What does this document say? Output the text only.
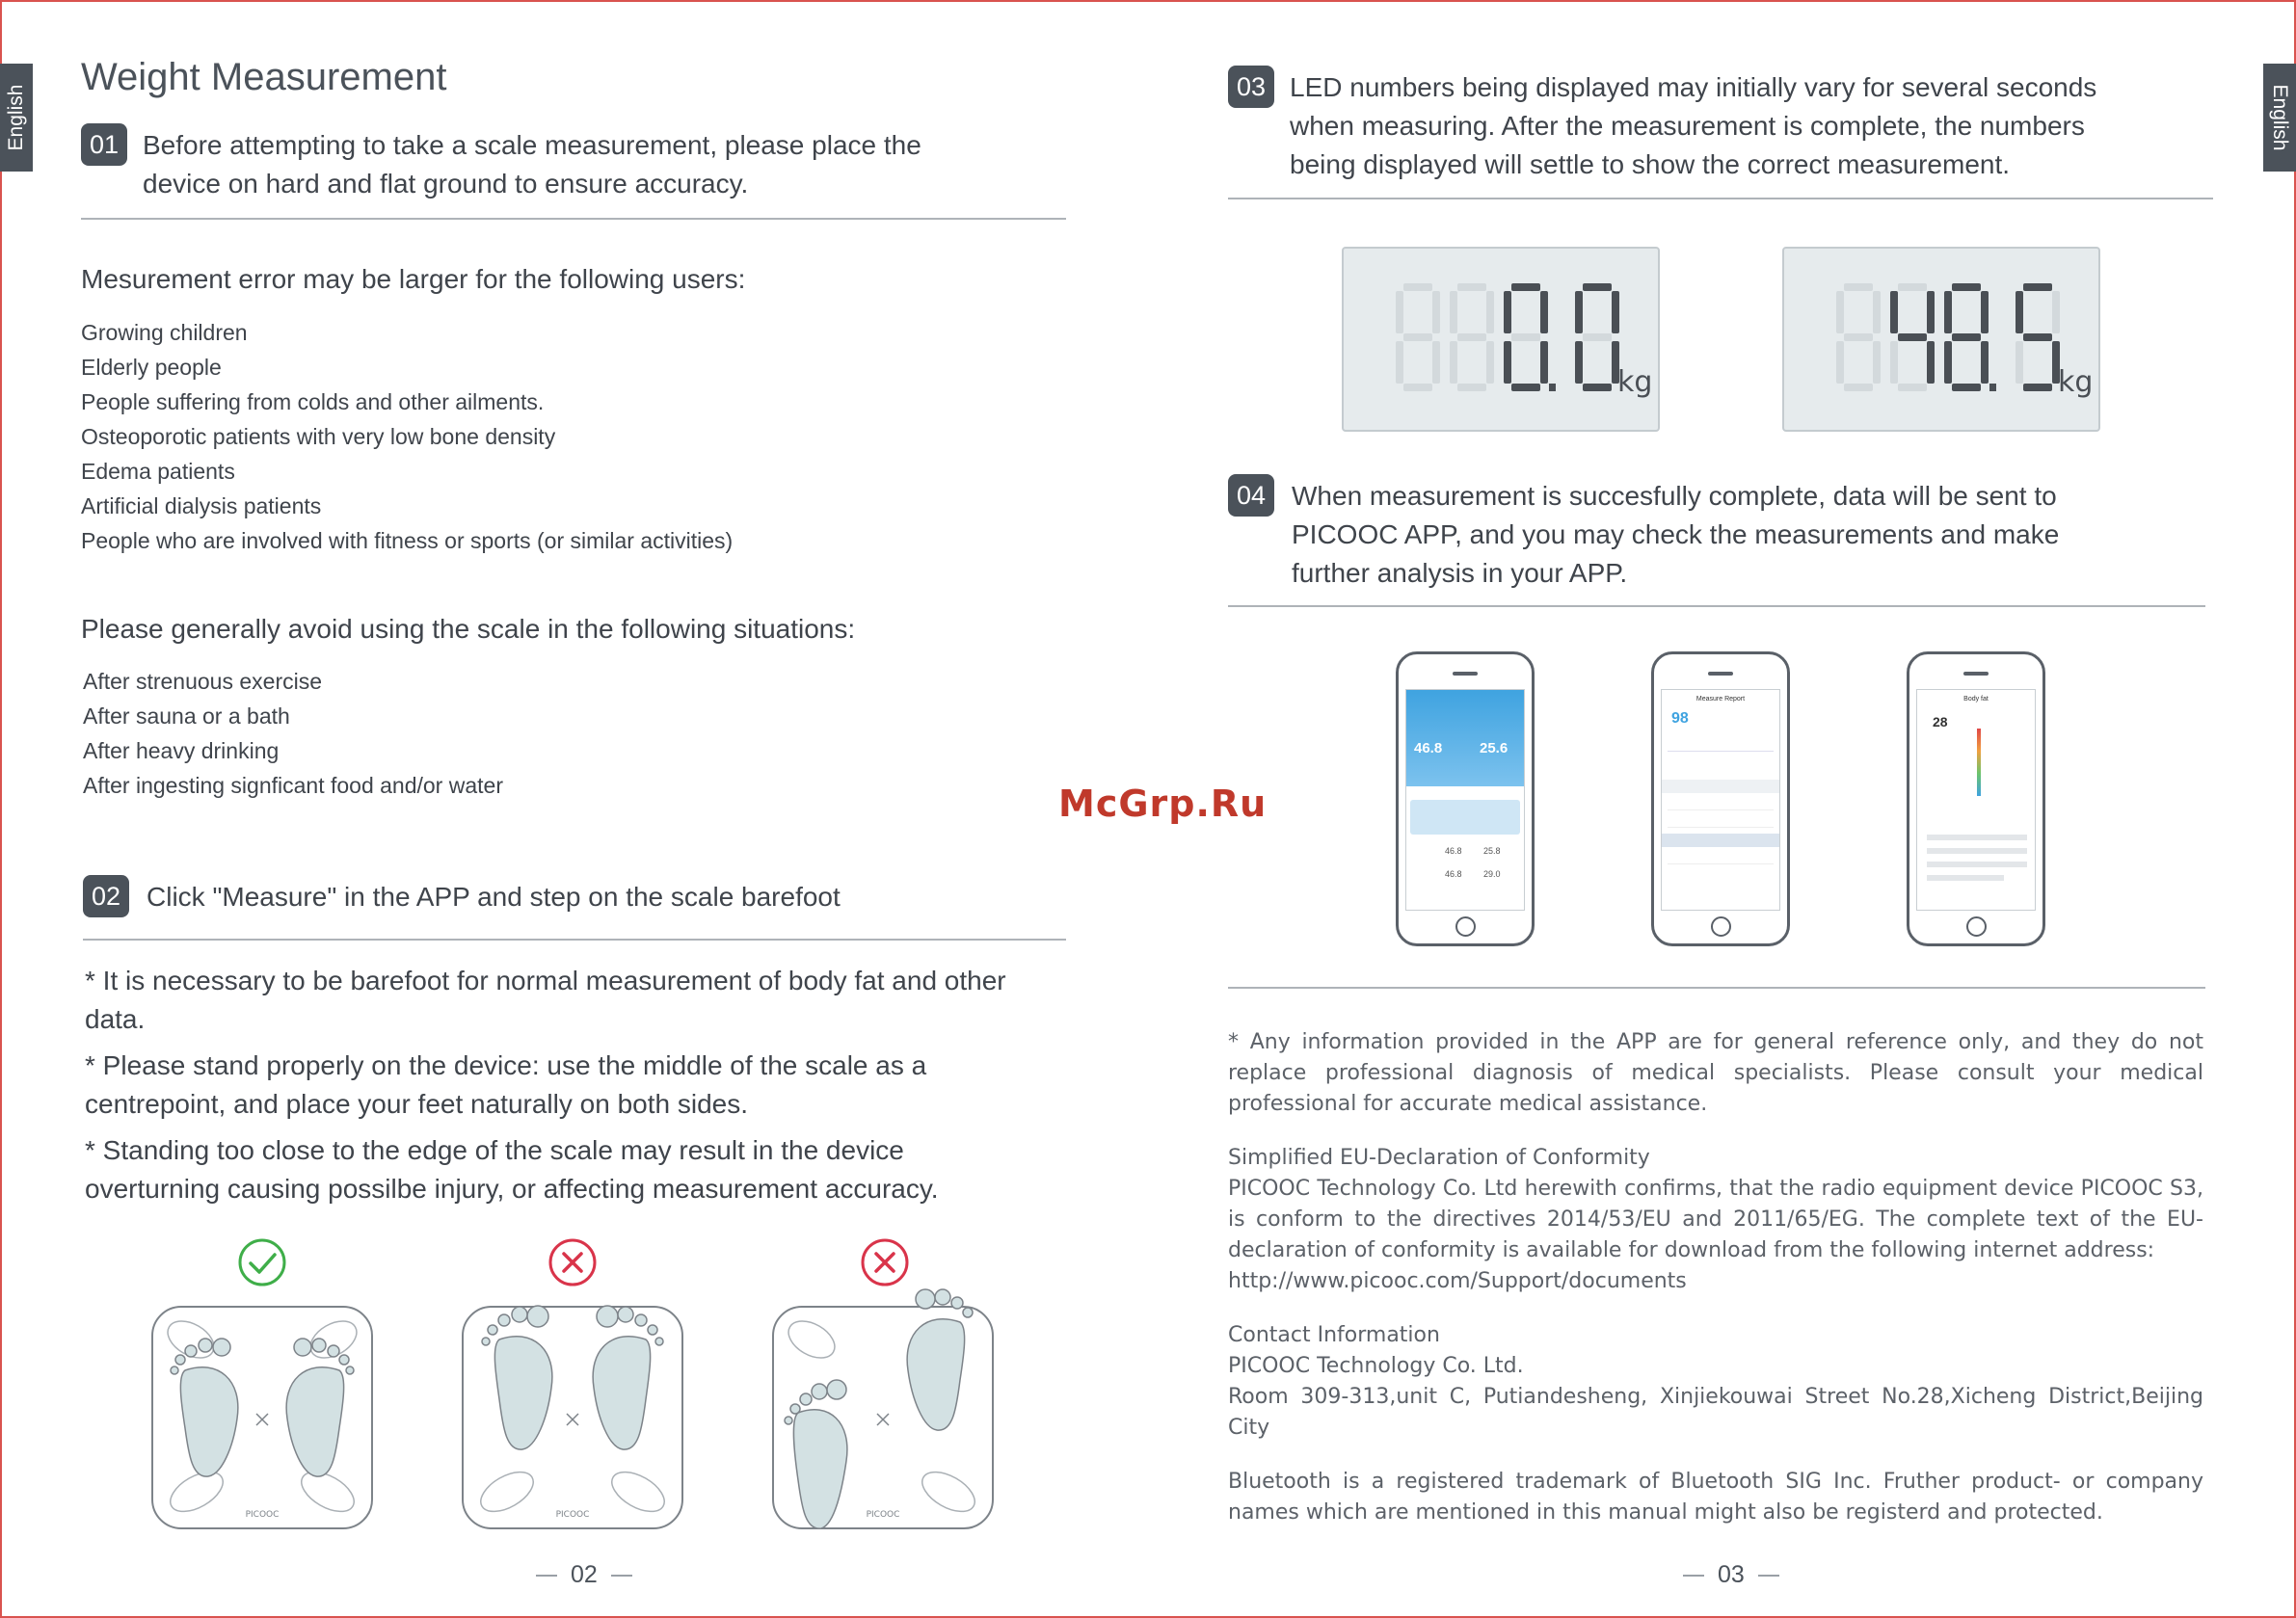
English	English
Weight Measurement
01 Before attempting to take a scale measurement, please place the
device on hard and flat ground to ensure accuracy.
Mesurement error may be larger for the following users:
Growing children
Elderly people
People suffering from colds and other ailments.
Osteoporotic patients with very low bone density
Edema patients
Artificial dialysis patients
People who are involved with fitness or sports (or similar activities)
Please generally avoid using the scale in the following situations:
After strenuous exercise
After sauna or a bath
After heavy drinking
After ingesting signficant food and/or water
02 Click "Measure" in the APP and step on the scale barefoot

* It is necessary to be barefoot for normal measurement of body fat and other data.

* Please stand properly on the device: use the middle of the scale as a centrepoint, and place your feet naturally on both sides.

* Standing too close to the edge of the scale may result in the device overturning causing possilbe injury, or affecting measurement accuracy.

PICOOC	PICOOC	PICOOC
02
03 LED numbers being displayed may initially vary for several seconds
when measuring. After the measurement is complete, the numbers
being displayed will settle to show the correct measurement.
kg	kg
04 When measurement is succesfully complete, data will be sent to
PICOOC APP, and you may check the measurements and make
further analysis in your APP.
46.8	25.6
46.8 25.8
46.8 29.0
Measure Report
98
Body fat
28

* Any information provided in the APP are for general reference only, and they do not replace professional diagnosis of medical specialists. Please consult your medical professional for accurate medical assistance.

Simplified EU-Declaration of Conformity
PICOOC Technology Co. Ltd herewith confirms, that the radio equipment device PICOOC S3, is conform to the directives 2014/53/EU and 2011/65/EG. The complete text of the EU-declaration of conformity is available for download from the following internet address:
http://www.picooc.com/Support/documents

Contact Information
PICOOC Technology Co. Ltd.
Room 309-313,unit C, Putiandesheng, Xinjiekouwai Street No.28,Xicheng District,Beijing City

Bluetooth is a registered trademark of Bluetooth SIG Inc. Fruther product- or company names which are mentioned in this manual might also be registerd and protected.

McGrp.Ru
03
